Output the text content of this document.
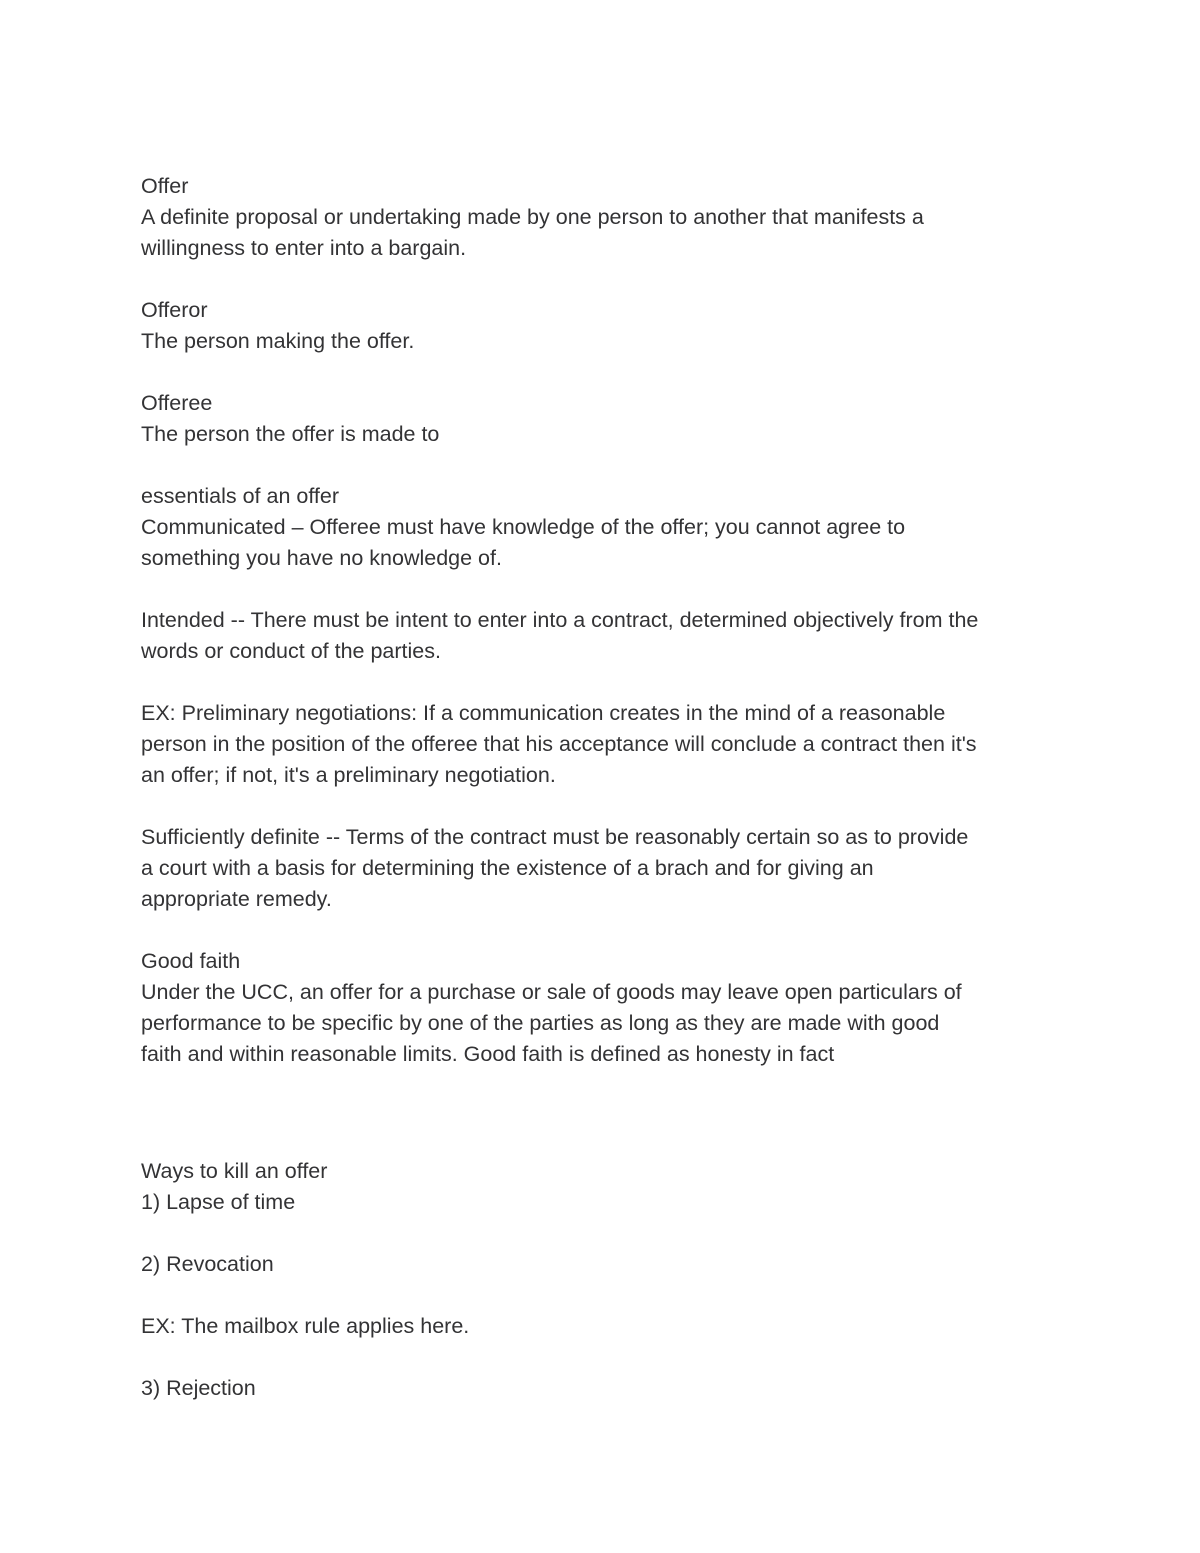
Offer
A definite proposal or undertaking made by one person to another that manifests a
willingness to enter into a bargain.
Offeror
The person making the offer.
Offeree
The person the offer is made to
essentials of an offer
Communicated – Offeree must have knowledge of the offer; you cannot agree to
something you have no knowledge of.
Intended -- There must be intent to enter into a contract, determined objectively from the
words or conduct of the parties.
EX: Preliminary negotiations: If a communication creates in the mind of a reasonable
person in the position of the offeree that his acceptance will conclude a contract then it's
an offer; if not, it's a preliminary negotiation.
Sufficiently definite -- Terms of the contract must be reasonably certain so as to provide
a court with a basis for determining the existence of a brach and for giving an
appropriate remedy.
Good faith
Under the UCC, an offer for a purchase or sale of goods may leave open particulars of
performance to be specific by one of the parties as long as they are made with good
faith and within reasonable limits. Good faith is defined as honesty in fact
Ways to kill an offer
1) Lapse of time
2) Revocation
EX: The mailbox rule applies here.
3) Rejection
